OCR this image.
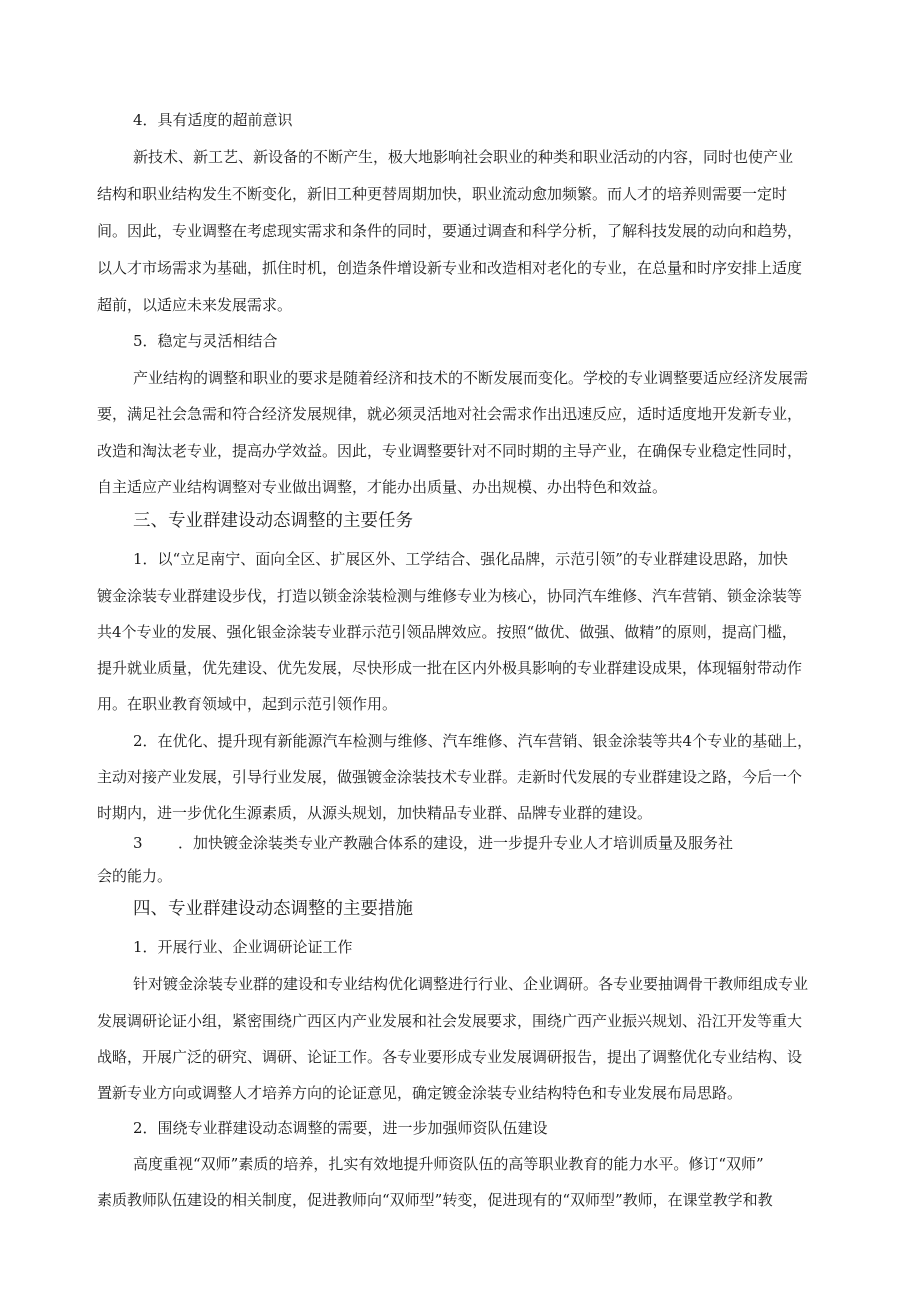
4．具有适度的超前意识
新技术、新工艺、新设备的不断产生，极大地影响社会职业的种类和职业活动的内容，同时也使产业
结构和职业结构发生不断变化，新旧工种更替周期加快，职业流动愈加频繁。而人才的培养则需要一定时
间。因此，专业调整在考虑现实需求和条件的同时，要通过调查和科学分析，了解科技发展的动向和趋势，
以人才市场需求为基础，抓住时机，创造条件增设新专业和改造相对老化的专业，在总量和时序安排上适度
超前，以适应未来发展需求。
5．稳定与灵活相结合
产业结构的调整和职业的要求是随着经济和技术的不断发展而变化。学校的专业调整要适应经济发展需
要，满足社会急需和符合经济发展规律，就必须灵活地对社会需求作出迅速反应，适时适度地开发新专业，
改造和淘汰老专业，提高办学效益。因此，专业调整要针对不同时期的主导产业，在确保专业稳定性同时，
自主适应产业结构调整对专业做出调整，才能办出质量、办出规模、办出特色和效益。
三、专业群建设动态调整的主要任务
1．以“立足南宁、面向全区、扩展区外、工学结合、强化品牌，示范引领”的专业群建设思路，加快
镀金涂装专业群建设步伐，打造以锁金涂装检测与维修专业为核心，协同汽车维修、汽车营销、锁金涂装等
共4个专业的发展、强化银金涂装专业群示范引领品牌效应。按照“做优、做强、做精”的原则，提高门槛，
提升就业质量，优先建设、优先发展，尽快形成一批在区内外极具影响的专业群建设成果，体现辐射带动作
用。在职业教育领域中，起到示范引领作用。
2．在优化、提升现有新能源汽车检测与维修、汽车维修、汽车营销、银金涂装等共4个专业的基础上，
主动对接产业发展，引导行业发展，做强镀金涂装技术专业群。走新时代发展的专业群建设之路，今后一个
时期内，进一步优化生源素质，从源头规划，加快精品专业群、品牌专业群的建设。
3 ．加快镀金涂装类专业产教融合体系的建设，进一步提升专业人才培训质量及服务社
会的能力。
四、专业群建设动态调整的主要措施
1．开展行业、企业调研论证工作
针对镀金涂装专业群的建设和专业结构优化调整进行行业、企业调研。各专业要抽调骨干教师组成专业
发展调研论证小组，紧密围绕广西区内产业发展和社会发展要求，围绕广西产业振兴规划、沿江开发等重大
战略，开展广泛的研究、调研、论证工作。各专业要形成专业发展调研报告，提出了调整优化专业结构、设
置新专业方向或调整人才培养方向的论证意见，确定镀金涂装专业结构特色和专业发展布局思路。
2．围绕专业群建设动态调整的需要，进一步加强师资队伍建设
高度重视“双师”素质的培养，扎实有效地提升师资队伍的高等职业教育的能力水平。修订“双师”
素质教师队伍建设的相关制度，促进教师向“双师型”转变，促进现有的“双师型”教师，在课堂教学和教
